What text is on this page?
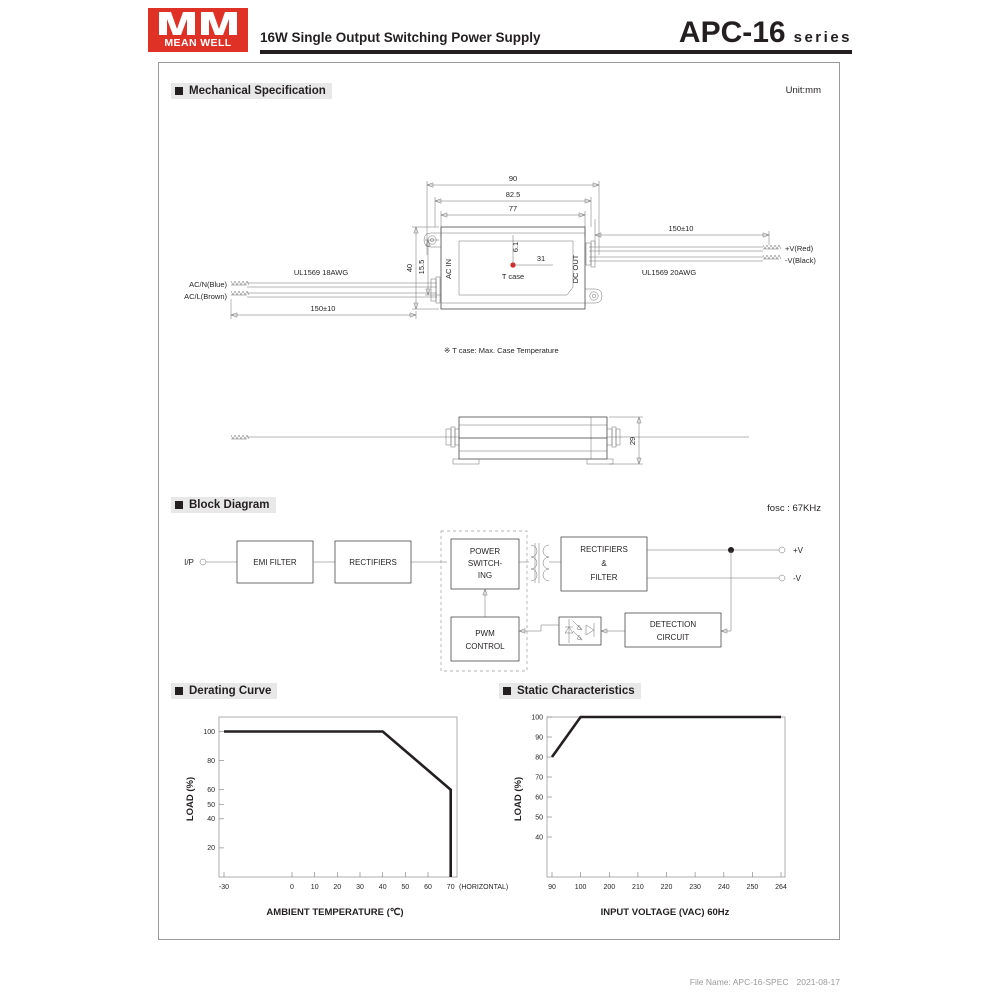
MEAN WELL	16W Single Output Switching Power Supply	APC-16 series
Mechanical Specification	Unit:mm
90
82.5
77
AC IN	DC OUT
31
6.1
T case
40 15.5
AC/N(Blue)
AC/L(Brown)
UL1569 18AWG
150±10
+V(Red)
-V(Black)
UL1569 20AWG
150±10
※ T case: Max. Case Temperature
29
Block Diagram	fosc : 67KHz
I/P	EMI FILTER	RECTIFIERS
POWER
SWITCH-
ING
RECTIFIERS
&
FILTER
+V
-V
PWM
CONTROL
DETECTION
CIRCUIT
Derating Curve
100
80
60
50
40
20
-30	0 10 20 30 40 50 60 70 (HORIZONTAL)
LOAD (%)
AMBIENT TEMPERATURE (℃)
Static Characteristics
100
90
80
70
60
50
40
90	100 200 210 220 230 240 250 264
LOAD (%)
INPUT VOLTAGE (VAC) 60Hz
File Name: APC-16-SPEC 2021-08-17
